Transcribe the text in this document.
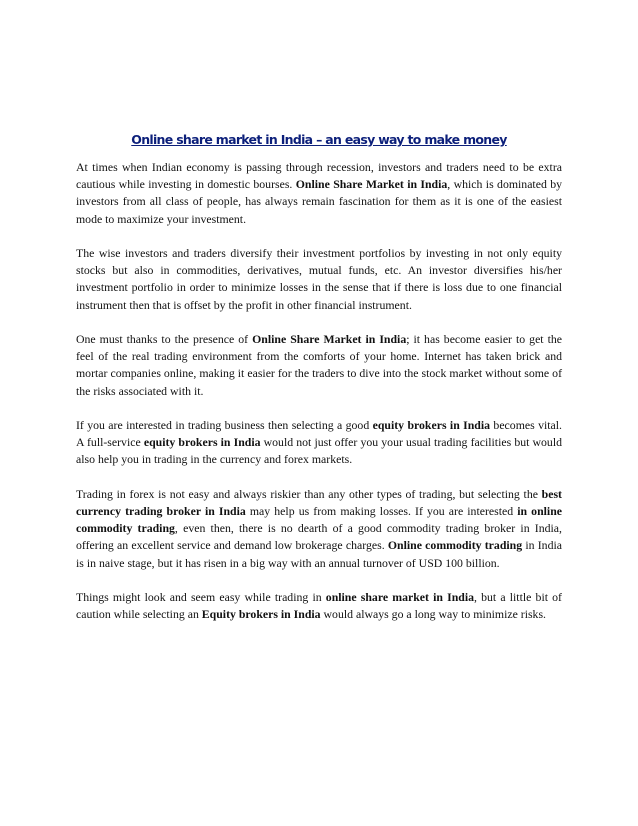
Online share market in India – an easy way to make money

At times when Indian economy is passing through recession, investors and traders need to be extra cautious while investing in domestic bourses. Online Share Market in India, which is dominated by investors from all class of people, has always remain fascination for them as it is one of the easiest mode to maximize your investment.

The wise investors and traders diversify their investment portfolios by investing in not only equity stocks but also in commodities, derivatives, mutual funds, etc. An investor diversifies his/her investment portfolio in order to minimize losses in the sense that if there is loss due to one financial instrument then that is offset by the profit in other financial instrument.

One must thanks to the presence of Online Share Market in India; it has become easier to get the feel of the real trading environment from the comforts of your home. Internet has taken brick and mortar companies online, making it easier for the traders to dive into the stock market without some of the risks associated with it.

If you are interested in trading business then selecting a good equity brokers in India becomes vital. A full-service equity brokers in India would not just offer you your usual trading facilities but would also help you in trading in the currency and forex markets.

Trading in forex is not easy and always riskier than any other types of trading, but selecting the best currency trading broker in India may help us from making losses. If you are interested in online commodity trading, even then, there is no dearth of a good commodity trading broker in India, offering an excellent service and demand low brokerage charges. Online commodity trading in India is in naive stage, but it has risen in a big way with an annual turnover of USD 100 billion.

Things might look and seem easy while trading in online share market in India, but a little bit of caution while selecting an Equity brokers in India would always go a long way to minimize risks.
